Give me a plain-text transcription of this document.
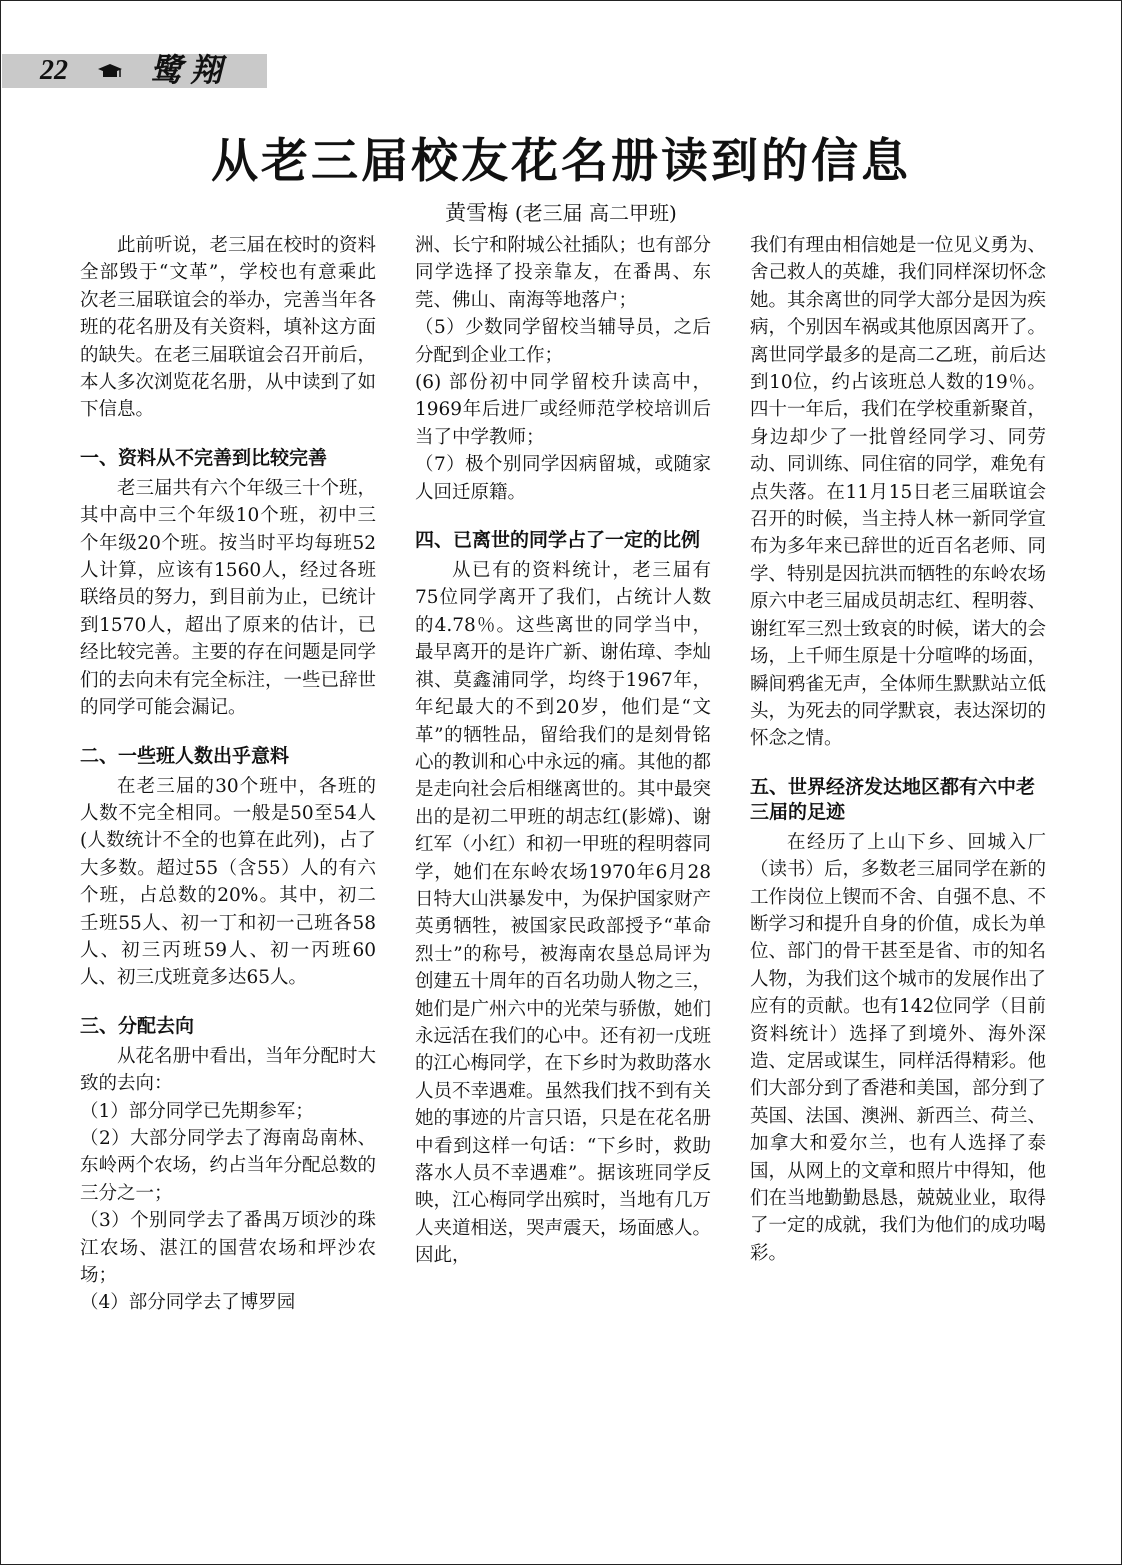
22	鹭翔
从老三届校友花名册读到的信息
黄雪梅 (老三届 高二甲班)

此前听说，老三届在校时的资料全部毁于“文革”，学校也有意乘此次老三届联谊会的举办，完善当年各班的花名册及有关资料，填补这方面的缺失。在老三届联谊会召开前后，本人多次浏览花名册，从中读到了如下信息。

一、资料从不完善到比较完善

老三届共有六个年级三十个班，其中高中三个年级10个班，初中三个年级20个班。按当时平均每班52人计算，应该有1560人，经过各班联络员的努力，到目前为止，已统计到1570人，超出了原来的估计，已经比较完善。主要的存在问题是同学们的去向未有完全标注，一些已辞世的同学可能会漏记。

二、一些班人数出乎意料

在老三届的30个班中，各班的人数不完全相同。一般是50至54人(人数统计不全的也算在此列)，占了大多数。超过55（含55）人的有六个班，占总数的20%。其中，初二壬班55人、初一丁和初一己班各58人、初三丙班59人、初一丙班60人、初三戊班竟多达65人。

三、分配去向

从花名册中看出，当年分配时大致的去向：

（1）部分同学已先期参军；

（2）大部分同学去了海南岛南林、东岭两个农场，约占当年分配总数的三分之一；

（3）个别同学去了番禺万顷沙的珠江农场、湛江的国营农场和坪沙农场；

（4）部分同学去了博罗园

洲、长宁和附城公社插队；也有部分同学选择了投亲靠友，在番禺、东莞、佛山、南海等地落户；

（5）少数同学留校当辅导员，之后分配到企业工作；

(6) 部份初中同学留校升读高中，1969年后进厂或经师范学校培训后当了中学教师；

（7）极个别同学因病留城，或随家人回迁原籍。

四、已离世的同学占了一定的比例

从已有的资料统计，老三届有75位同学离开了我们，占统计人数的4.78％。这些离世的同学当中，最早离开的是许广新、谢佑璋、李灿祺、莫鑫浦同学，均终于1967年，年纪最大的不到20岁，他们是“文革”的牺牲品，留给我们的是刻骨铭心的教训和心中永远的痛。其他的都是走向社会后相继离世的。其中最突出的是初二甲班的胡志红(影嫦)、谢红军（小红）和初一甲班的程明蓉同学，她们在东岭农场1970年6月28日特大山洪暴发中，为保护国家财产英勇牺牲，被国家民政部授予“革命烈士”的称号，被海南农垦总局评为创建五十周年的百名功勋人物之三，她们是广州六中的光荣与骄傲，她们永远活在我们的心中。还有初一戊班的江心梅同学，在下乡时为救助落水人员不幸遇难。虽然我们找不到有关她的事迹的片言只语，只是在花名册中看到这样一句话：“下乡时，救助落水人员不幸遇难”。据该班同学反映，江心梅同学出殡时，当地有几万人夹道相送，哭声震天，场面感人。因此，

我们有理由相信她是一位见义勇为、舍己救人的英雄，我们同样深切怀念她。其余离世的同学大部分是因为疾病，个别因车祸或其他原因离开了。离世同学最多的是高二乙班，前后达到10位，约占该班总人数的19％。四十一年后，我们在学校重新聚首，身边却少了一批曾经同学习、同劳动、同训练、同住宿的同学，难免有点失落。在11月15日老三届联谊会召开的时候，当主持人林一新同学宣布为多年来已辞世的近百名老师、同学、特别是因抗洪而牺牲的东岭农场原六中老三届成员胡志红、程明蓉、谢红军三烈士致哀的时候，诺大的会场，上千师生原是十分喧哗的场面，瞬间鸦雀无声，全体师生默默站立低头，为死去的同学默哀，表达深切的怀念之情。

五、世界经济发达地区都有六中老三届的足迹

在经历了上山下乡、回城入厂（读书）后，多数老三届同学在新的工作岗位上锲而不舍、自强不息、不断学习和提升自身的价值，成长为单位、部门的骨干甚至是省、市的知名人物，为我们这个城市的发展作出了应有的贡献。也有142位同学（目前资料统计）选择了到境外、海外深造、定居或谋生，同样活得精彩。他们大部分到了香港和美国，部分到了英国、法国、澳洲、新西兰、荷兰、加拿大和爱尔兰，也有人选择了泰国，从网上的文章和照片中得知，他们在当地勤勤恳恳，兢兢业业，取得了一定的成就，我们为他们的成功喝彩。
